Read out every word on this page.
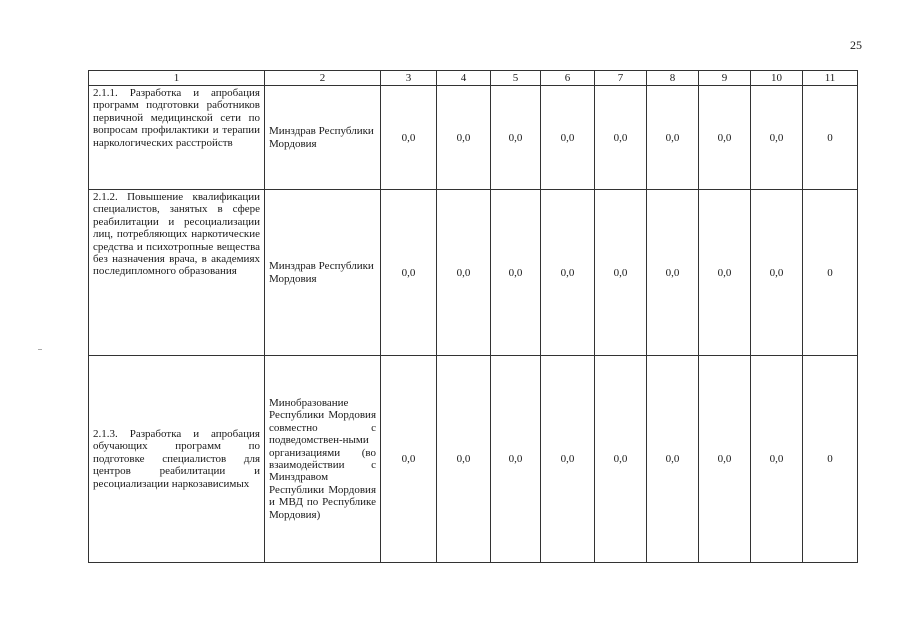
25
1	2	3	4	5	6	7	8	9	10	11
2.1.1. Разработка и апробация программ подготовки работников первичной медицинской сети по вопросам профилактики и терапии наркологических расстройств	Минздрав Республики Мордовия	0,0	0,0	0,0	0,0	0,0	0,0	0,0	0,0	0
2.1.2. Повышение квалификации специалистов, занятых в сфере реабилитации и ресоциализации лиц, потребляющих наркотические средства и психотропные вещества без назначения врача, в академиях последипломного образования	Минздрав Республики Мордовия	0,0	0,0	0,0	0,0	0,0	0,0	0,0	0,0	0
2.1.3. Разработка и апробация обучающих программ по подготовке специалистов для центров реабилитации и ресоциализации наркозависимых	Минобразование Республики Мордовия совместно с подведомствен-ными организациями (во взаимодействии с Минздравом Республики Мордовия и МВД по Республике Мордовия)	0,0	0,0	0,0	0,0	0,0	0,0	0,0	0,0	0
